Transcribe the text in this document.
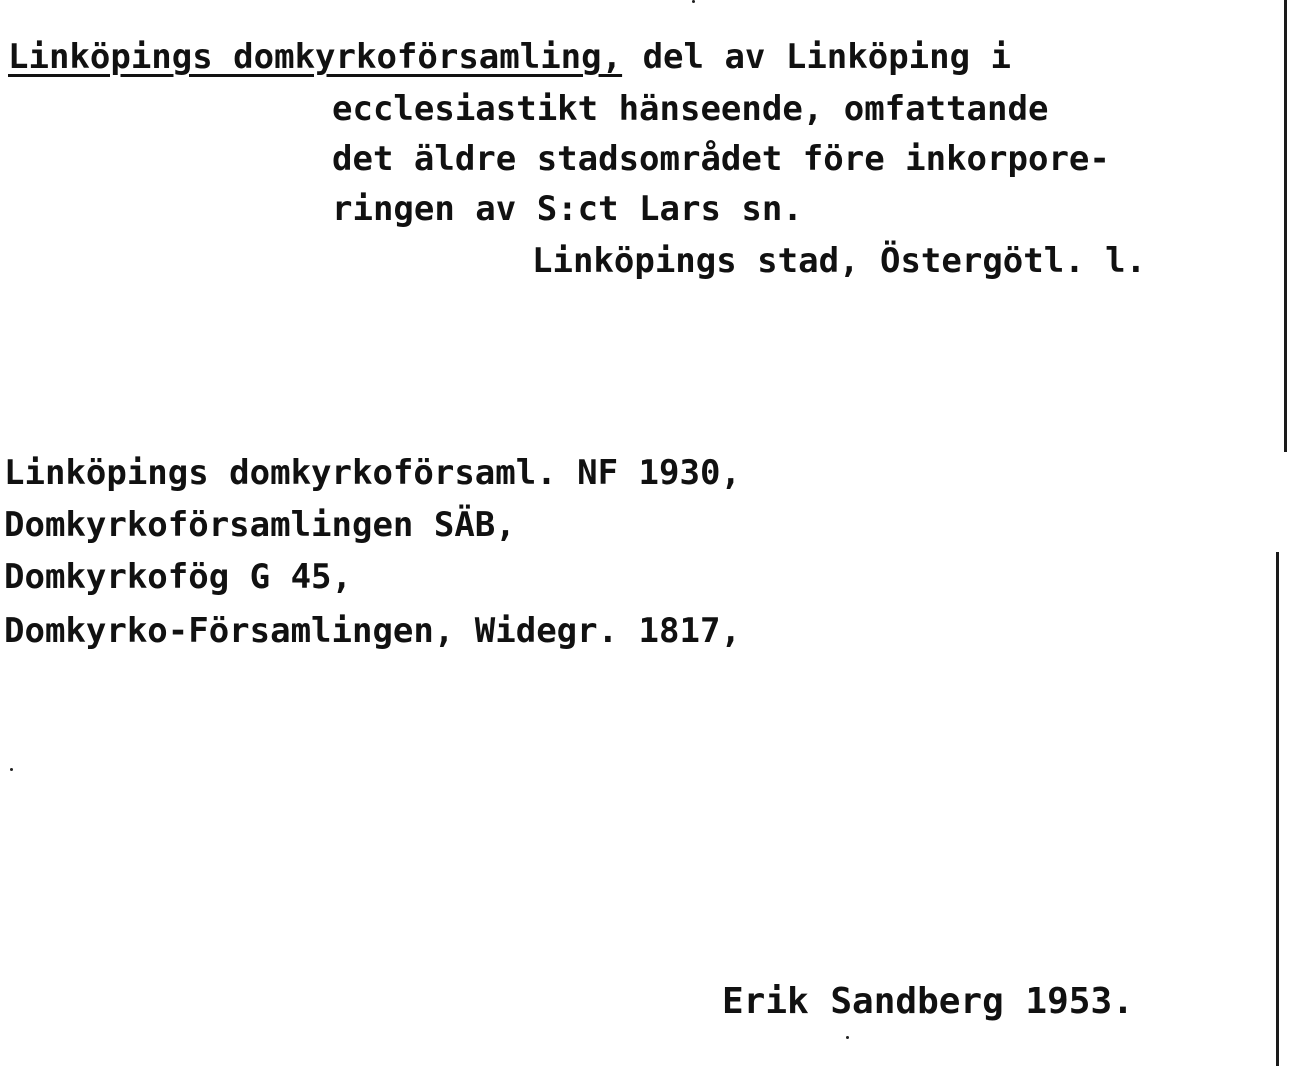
Linköpings domkyrkoförsamling, del av Linköping i
ecclesiastikt hänseende, omfattande
det äldre stadsområdet före inkorpore-
ringen av S:ct Lars sn.
Linköpings stad, Östergötl. l.
Linköpings domkyrkoförsaml. NF 1930,
Domkyrkoförsamlingen SÄB,
Domkyrkofög G 45,
Domkyrko-Församlingen, Widegr. 1817,
Erik Sandberg 1953.
